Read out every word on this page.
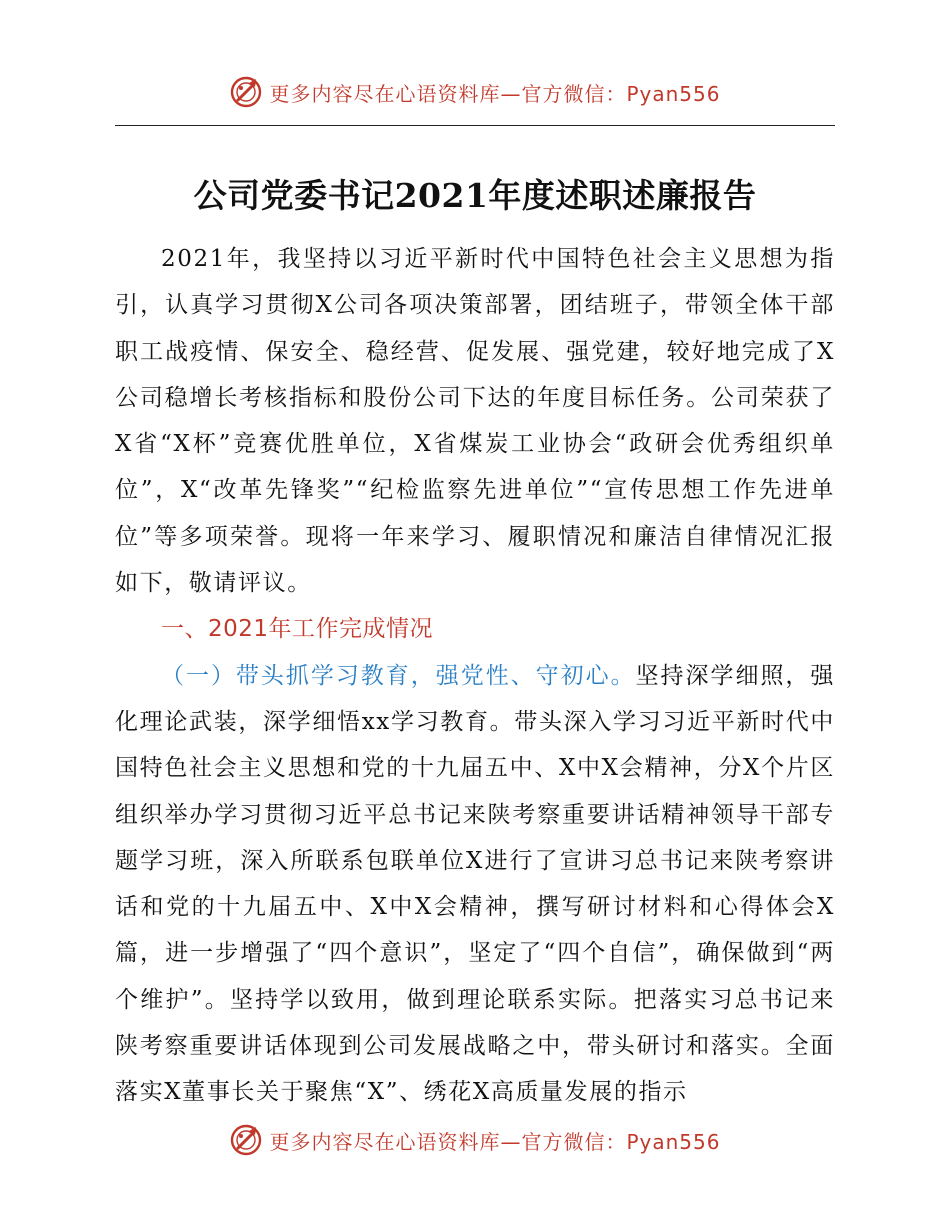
更多内容尽在心语资料库—官方微信：Pyan556
公司党委书记2021年度述职述廉报告

2021年，我坚持以习近平新时代中国特色社会主义思想为指引，认真学习贯彻X公司各项决策部署，团结班子，带领全体干部职工战疫情、保安全、稳经营、促发展、强党建，较好地完成了X公司稳增长考核指标和股份公司下达的年度目标任务。公司荣获了X省“X杯”竞赛优胜单位，X省煤炭工业协会“政研会优秀组织单位”，X“改革先锋奖”“纪检监察先进单位”“宣传思想工作先进单位”等多项荣誉。现将一年来学习、履职情况和廉洁自律情况汇报如下，敬请评议。

一、2021年工作完成情况

（一）带头抓学习教育，强党性、守初心。坚持深学细照，强化理论武装，深学细悟xx学习教育。带头深入学习习近平新时代中国特色社会主义思想和党的十九届五中、X中X会精神，分X个片区组织举办学习贯彻习近平总书记来陕考察重要讲话精神领导干部专题学习班，深入所联系包联单位X进行了宣讲习总书记来陕考察讲话和党的十九届五中、X中X会精神，撰写研讨材料和心得体会X篇，进一步增强了“四个意识”，坚定了“四个自信”，确保做到“两个维护”。坚持学以致用，做到理论联系实际。把落实习总书记来陕考察重要讲话体现到公司发展战略之中，带头研讨和落实。全面落实X董事长关于聚焦“X”、绣花X高质量发展的指示

更多内容尽在心语资料库—官方微信：Pyan556
